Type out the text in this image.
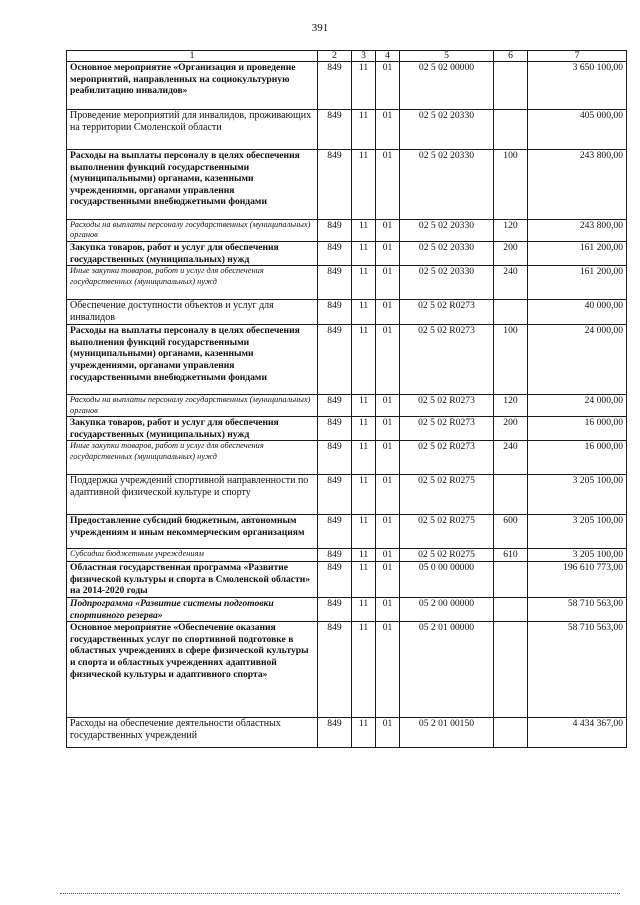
391
1	2	3	4	5	6	7
Основное мероприятие «Организация и проведение мероприятий, направленных на социокультурную реабилитацию инвалидов»	849	11	01	02 5 02 00000		3 650 100,00
Проведение мероприятий для инвалидов, проживающих на территории Смоленской области	849	11	01	02 5 02 20330		405 000,00
Расходы на выплаты персоналу в целях обеспечения выполнения функций государственными (муниципальными) органами, казенными учреждениями, органами управления государственными внебюджетными фондами	849	11	01	02 5 02 20330	100	243 800,00
Расходы на выплаты персоналу государственных (муниципальных) органов	849	11	01	02 5 02 20330	120	243 800,00
Закупка товаров, работ и услуг для обеспечения государственных (муниципальных) нужд	849	11	01	02 5 02 20330	200	161 200,00
Иные закупки товаров, работ и услуг для обеспечения государственных (муниципальных) нужд	849	11	01	02 5 02 20330	240	161 200,00
Обеспечение доступности объектов и услуг для инвалидов	849	11	01	02 5 02 R0273		40 000,00
Расходы на выплаты персоналу в целях обеспечения выполнения функций государственными (муниципальными) органами, казенными учреждениями, органами управления государственными внебюджетными фондами	849	11	01	02 5 02 R0273	100	24 000,00
Расходы на выплаты персоналу государственных (муниципальных) органов	849	11	01	02 5 02 R0273	120	24 000,00
Закупка товаров, работ и услуг для обеспечения государственных (муниципальных) нужд	849	11	01	02 5 02 R0273	200	16 000,00
Иные закупки товаров, работ и услуг для обеспечения государственных (муниципальных) нужд	849	11	01	02 5 02 R0273	240	16 000,00
Поддержка учреждений спортивной направленности по адаптивной физической культуре и спорту	849	11	01	02 5 02 R0275		3 205 100,00
Предоставление субсидий бюджетным, автономным учреждениям и иным некоммерческим организациям	849	11	01	02 5 02 R0275	600	3 205 100,00
Субсидии бюджетным учреждениям	849	11	01	02 5 02 R0275	610	3 205 100,00
Областная государственная программа «Развитие физической культуры и спорта в Смоленской области» на 2014-2020 годы	849	11	01	05 0 00 00000		196 610 773,00
Подпрограмма «Развитие системы подготовки спортивного резерва»	849	11	01	05 2 00 00000		58 710 563,00
Основное мероприятие «Обеспечение оказания государственных услуг по спортивной подготовке в областных учреждениях в сфере физической культуры и спорта и областных учреждениях адаптивной физической культуры и адаптивного спорта»	849	11	01	05 2 01 00000		58 710 563,00
Расходы на обеспечение деятельности областных государственных учреждений	849	11	01	05 2 01 00150		4 434 367,00
